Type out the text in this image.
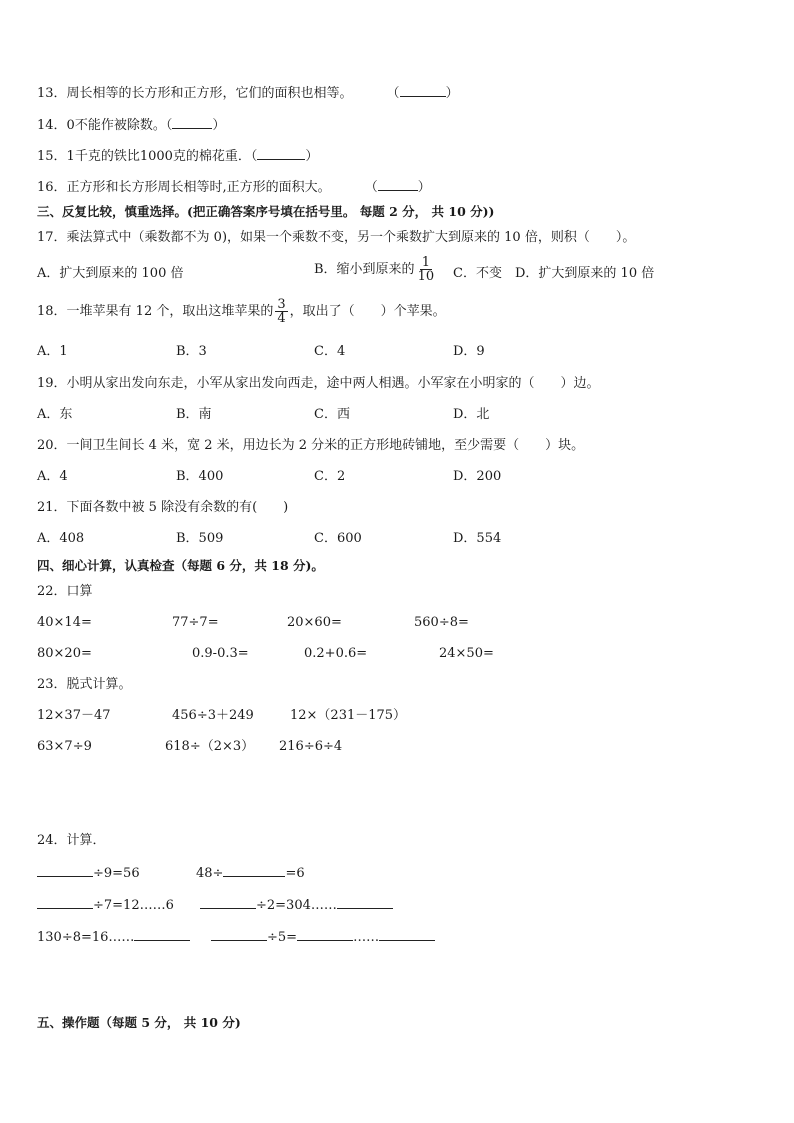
13．周长相等的长方形和正方形，它们的面积也相等。	（	）
14．0不能作被除数。（	）
15．1千克的铁比1000克的棉花重．（	）
16．正方形和长方形周长相等时,正方形的面积大。	（	）
三、反复比较，慎重选择。(把正确答案序号填在括号里。 每题 2 分， 共 10 分))
17．乘法算式中（乘数都不为 0)，如果一个乘数不变，另一个乘数扩大到原来的 10 倍，则积（　　）。
A．扩大到原来的 100 倍	B．缩小到原来的 $\frac{1}{10}$ C．不变 D．扩大到原来的 10 倍
18．一堆苹果有 12 个，取出这堆苹果的 $\frac{3}{4}$ ，取出了（　　）个苹果。
A．1	B．3	C．4	D．9
19．小明从家出发向东走，小军从家出发向西走，途中两人相遇。小军家在小明家的（　　）边。
A．东	B．南	C．西	D．北
20．一间卫生间长 4 米，宽 2 米，用边长为 2 分米的正方形地砖铺地，至少需要（　　）块。
A．4	B．400	C．2	D．200
21．下面各数中被 5 除没有余数的有(　　)
A．408	B．509	C．600	D．554
四、细心计算，认真检查（每题 6 分，共 18 分)。
22．口算
40×14=	77÷7=	20×60=	560÷8=
80×20=	0.9-0.3=	0.2+0.6=	24×50=
23．脱式计算。
12×37－47	456÷3＋249	12×（231－175）
63×7÷9	618÷（2×3） 216÷6÷4
24．计算．
÷9=56	48÷	=6
÷7=12……6	÷2=304……
130÷8=16……	÷5=	……
五、操作题（每题 5 分， 共 10 分)
